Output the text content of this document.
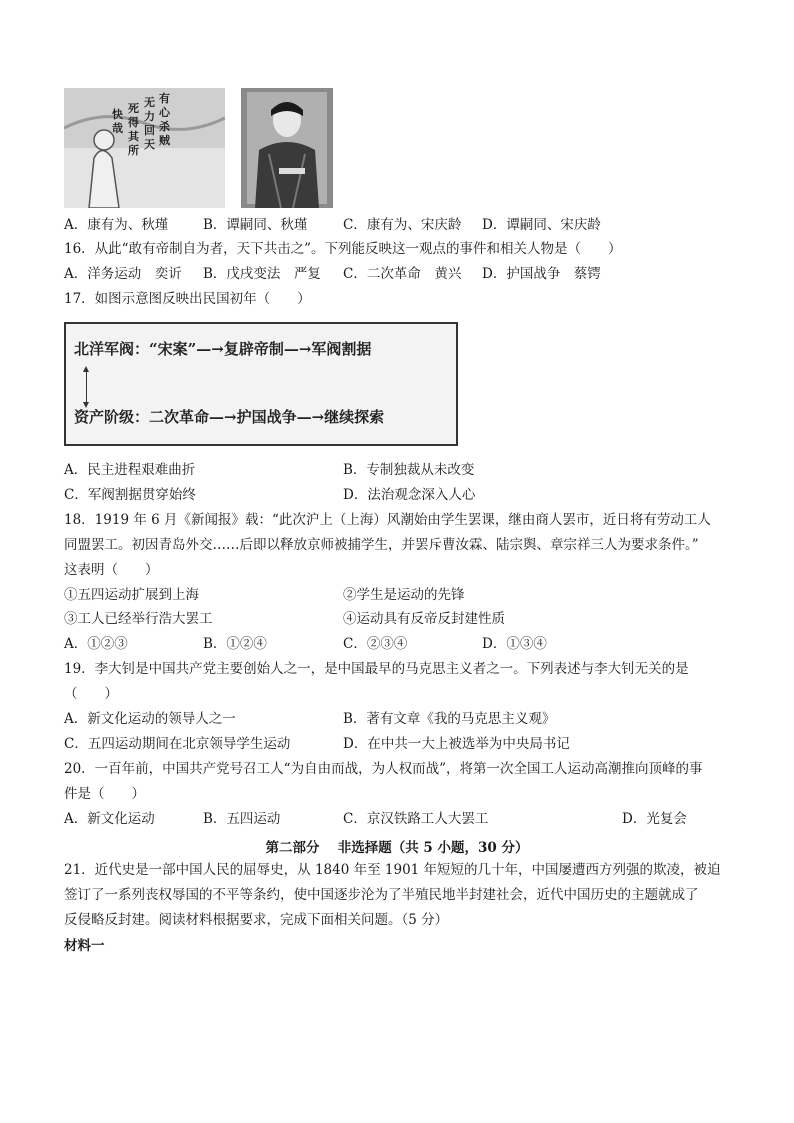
有
心
杀
贼
无
力
回
天
死
得
其
所
快
哉
A．康有为、秋瑾	B．谭嗣同、秋瑾	C．康有为、宋庆龄 D．谭嗣同、宋庆龄
16．从此“敢有帝制自为者，天下共击之”。下列能反映这一观点的事件和相关人物是（　　）
A．洋务运动　奕䜣 B．戊戌变法　严复 C．二次革命　黄兴 D．护国战争　蔡锷
17．如图示意图反映出民国初年（　　）
北洋军阀：“宋案”—→复辟帝制—→军阀割据
资产阶级：二次革命—→护国战争—→继续探索
A．民主进程艰难曲折	B．专制独裁从未改变
C．军阀割据贯穿始终	D．法治观念深入人心
18．1919 年 6 月《新闻报》载：“此次沪上（上海）风潮始由学生罢课，继由商人罢市，近日将有劳动工人
同盟罢工。初因青岛外交……后即以释放京师被捕学生，并罢斥曹汝霖、陆宗舆、章宗祥三人为要求条件。”
这表明（　　）
①五四运动扩展到上海	②学生是运动的先锋
③工人已经举行浩大罢工	④运动具有反帝反封建性质
A．①②③	B．①②④	C．②③④	D．①③④
19．李大钊是中国共产党主要创始人之一，是中国最早的马克思主义者之一。下列表述与李大钊无关的是
（　　）
A．新文化运动的领导人之一	B．著有文章《我的马克思主义观》
C．五四运动期间在北京领导学生运动	D．在中共一大上被选举为中央局书记
20．一百年前，中国共产党号召工人“为自由而战，为人权而战”，将第一次全国工人运动高潮推向顶峰的事
件是（　　）
A．新文化运动	B．五四运动	C．京汉铁路工人大罢工	D．光复会
第二部分　 非选择题（共 5 小题，30 分）
21．近代史是一部中国人民的屈辱史，从 1840 年至 1901 年短短的几十年，中国屡遭西方列强的欺凌，被迫
签订了一系列丧权辱国的不平等条约，使中国逐步沦为了半殖民地半封建社会，近代中国历史的主题就成了
反侵略反封建。阅读材料根据要求，完成下面相关问题。（5 分）
材料一
